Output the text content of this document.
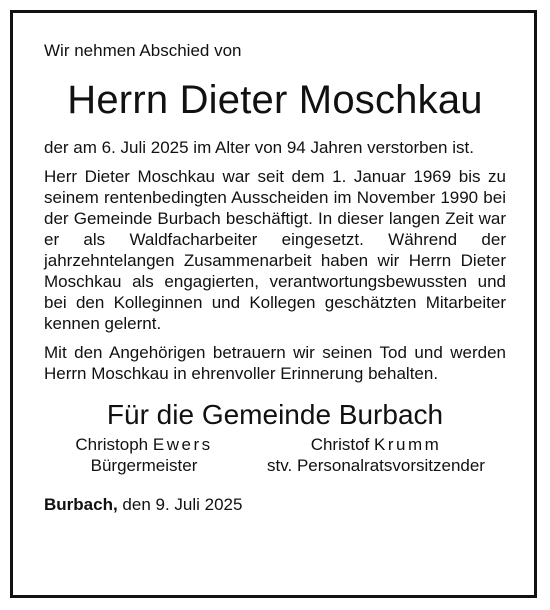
Wir nehmen Abschied von

Herrn Dieter Moschkau

der am 6. Juli 2025 im Alter von 94 Jahren verstorben ist.

Herr Dieter Moschkau war seit dem 1. Januar 1969 bis zu seinem rentenbedingten Ausscheiden im November 1990 bei der Gemeinde Burbach beschäftigt. In dieser langen Zeit war er als Waldfacharbeiter eingesetzt. Während der jahrzehntelangen Zusammenarbeit haben wir Herrn Dieter Moschkau als engagierten, verantwortungsbewussten und bei den Kolleginnen und Kollegen geschätzten Mitarbeiter kennen gelernt.

Mit den Angehörigen betrauern wir seinen Tod und werden Herrn Moschkau in ehrenvoller Erinnerung behalten.

Für die Gemeinde Burbach

Christoph Ewers
Bürgermeister
Christof Krumm
stv. Personalratsvorsitzender
Burbach, den 9. Juli 2025
